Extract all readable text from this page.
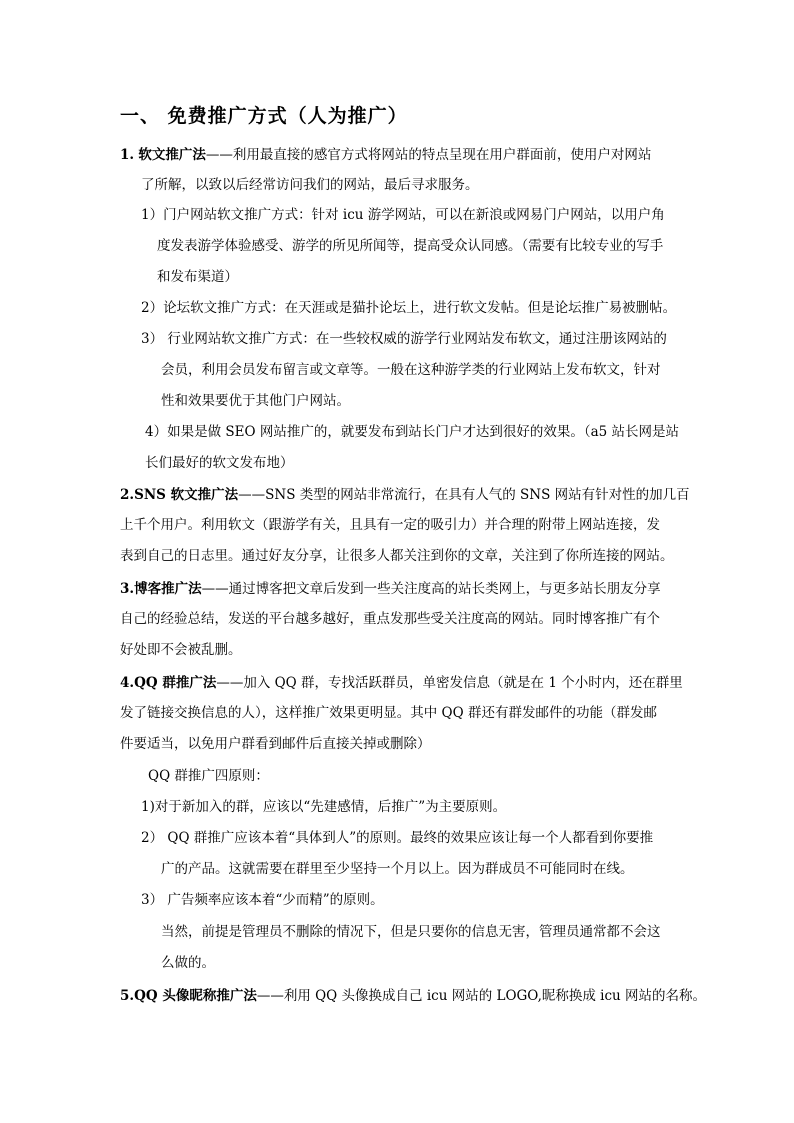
一、 免费推广方式（人为推广）
1. 软文推广法——利用最直接的感官方式将网站的特点呈现在用户群面前，使用户对网站
了所解，以致以后经常访问我们的网站，最后寻求服务。
1）门户网站软文推广方式：针对 icu 游学网站，可以在新浪或网易门户网站，以用户角
度发表游学体验感受、游学的所见所闻等，提高受众认同感。（需要有比较专业的写手
和发布渠道）
2）论坛软文推广方式：在天涯或是猫扑论坛上，进行软文发帖。但是论坛推广易被删帖。
3） 行业网站软文推广方式：在一些较权威的游学行业网站发布软文，通过注册该网站的
会员，利用会员发布留言或文章等。一般在这种游学类的行业网站上发布软文，针对
性和效果要优于其他门户网站。
4）如果是做 SEO 网站推广的，就要发布到站长门户才达到很好的效果。（a5 站长网是站
长们最好的软文发布地）
2.SNS 软文推广法——SNS 类型的网站非常流行，在具有人气的 SNS 网站有针对性的加几百
上千个用户。利用软文（跟游学有关，且具有一定的吸引力）并合理的附带上网站连接，发
表到自己的日志里。通过好友分享，让很多人都关注到你的文章，关注到了你所连接的网站。
3.博客推广法——通过博客把文章后发到一些关注度高的站长类网上，与更多站长朋友分享
自己的经验总结，发送的平台越多越好，重点发那些受关注度高的网站。同时博客推广有个
好处即不会被乱删。
4.QQ 群推广法——加入 QQ 群，专找活跃群员，单密发信息（就是在 1 个小时内，还在群里
发了链接交换信息的人），这样推广效果更明显。其中 QQ 群还有群发邮件的功能（群发邮
件要适当，以免用户群看到邮件后直接关掉或删除）
QQ 群推广四原则：
1)对于新加入的群，应该以“先建感情，后推广”为主要原则。
2） QQ 群推广应该本着“具体到人”的原则。最终的效果应该让每一个人都看到你要推
广的产品。这就需要在群里至少坚持一个月以上。因为群成员不可能同时在线。
3） 广告频率应该本着“少而精”的原则。
当然，前提是管理员不删除的情况下，但是只要你的信息无害，管理员通常都不会这
么做的。
5.QQ 头像昵称推广法——利用 QQ 头像换成自己 icu 网站的 LOGO,昵称换成 icu 网站的名称。
